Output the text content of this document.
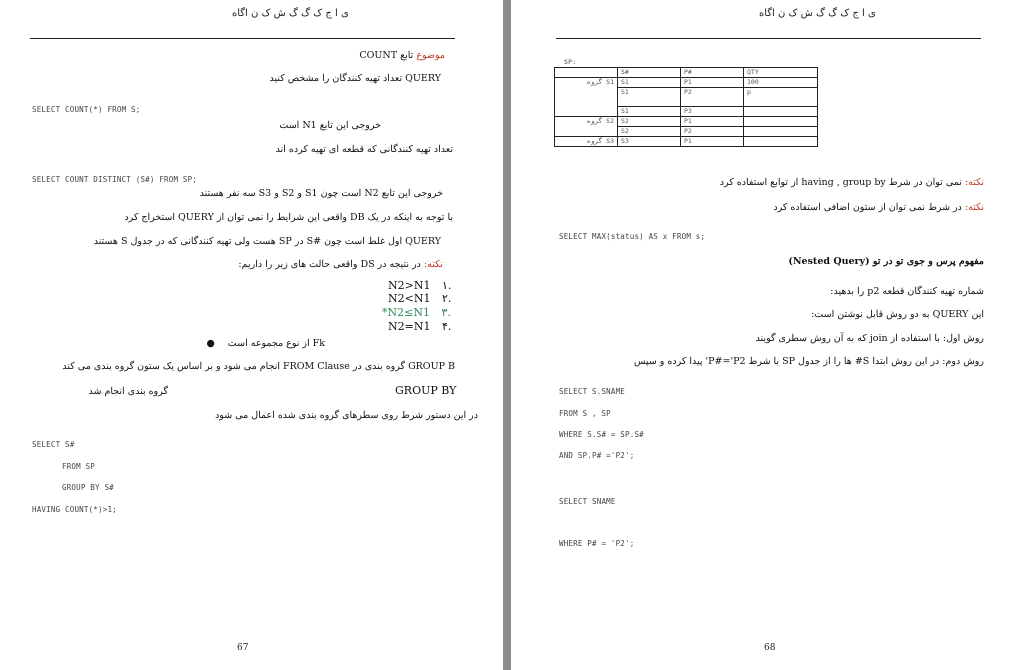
ی ا ج ک گ گ ش ک ن اگاه
موضوع تابع COUNT
QUERY تعداد تهیه کنندگان را مشخص کنید
SELECT COUNT(*) FROM S;
خروجی این تابع N1 است
تعداد تهیه کنندگانی که قطعه ای تهیه کرده اند
SELECT COUNT DISTINCT (S#) FROM SP;
خروجی این تابع N2 است چون S1 و S2 و S3 سه نفر هستند
با توجه به اینکه در یک DB واقعی این شرایط را نمی توان از QUERY استخراج کرد
QUERY اول غلط است چون #S در SP هست ولی تهیه کنندگانی که در جدول S هستند
نکته: در نتیجه در DS واقعی حالت های زیر را داریم:
N2>N1 ۱.
N2<N1 ۲.
*N2≤N1 ۳.
N2=N1 ۴.
Fk از نوع مجموعه است ●
GROUP B گروه بندی در FROM Clause انجام می شود و بر اساس یک ستون گروه بندی می کند
GROUP BY
گروه بندی انجام شد
در این دستور شرط روی سطرهای گروه بندی شده اعمال می شود
SELECT S#
FROM SP
GROUP BY S#
HAVING COUNT(*)>1;
67
ی ا ج ک گ گ ش ک ن اگاه
SP:
	S#	P#	QTY
گروه S1	S1	P1	100
	S1	P2	p
	S1	P3	
گروه S2	S2	P1	
	S2	P2	
گروه S3	S3	P1	
نکته: نمی توان در شرط having , group by از توابع استفاده کرد
نکته: در شرط نمی توان از ستون اضافی استفاده کرد
SELECT MAX(status) AS x FROM s;
مفهوم پرس و جوی تو در تو (Nested Query)
شماره تهیه کنندگان قطعه p2 را بدهید:
این QUERY به دو روش قابل نوشتن است:
روش اول: با استفاده از join که به آن روش سطری گویند
روش دوم: در این روش ابتدا S# ها را از جدول SP با شرط P#='P2' پیدا کرده و سپس
SELECT S.SNAME
FROM S , SP
WHERE S.S# = SP.S#
AND SP.P# ='P2';
SELECT SNAME
WHERE P# = 'P2';
68
